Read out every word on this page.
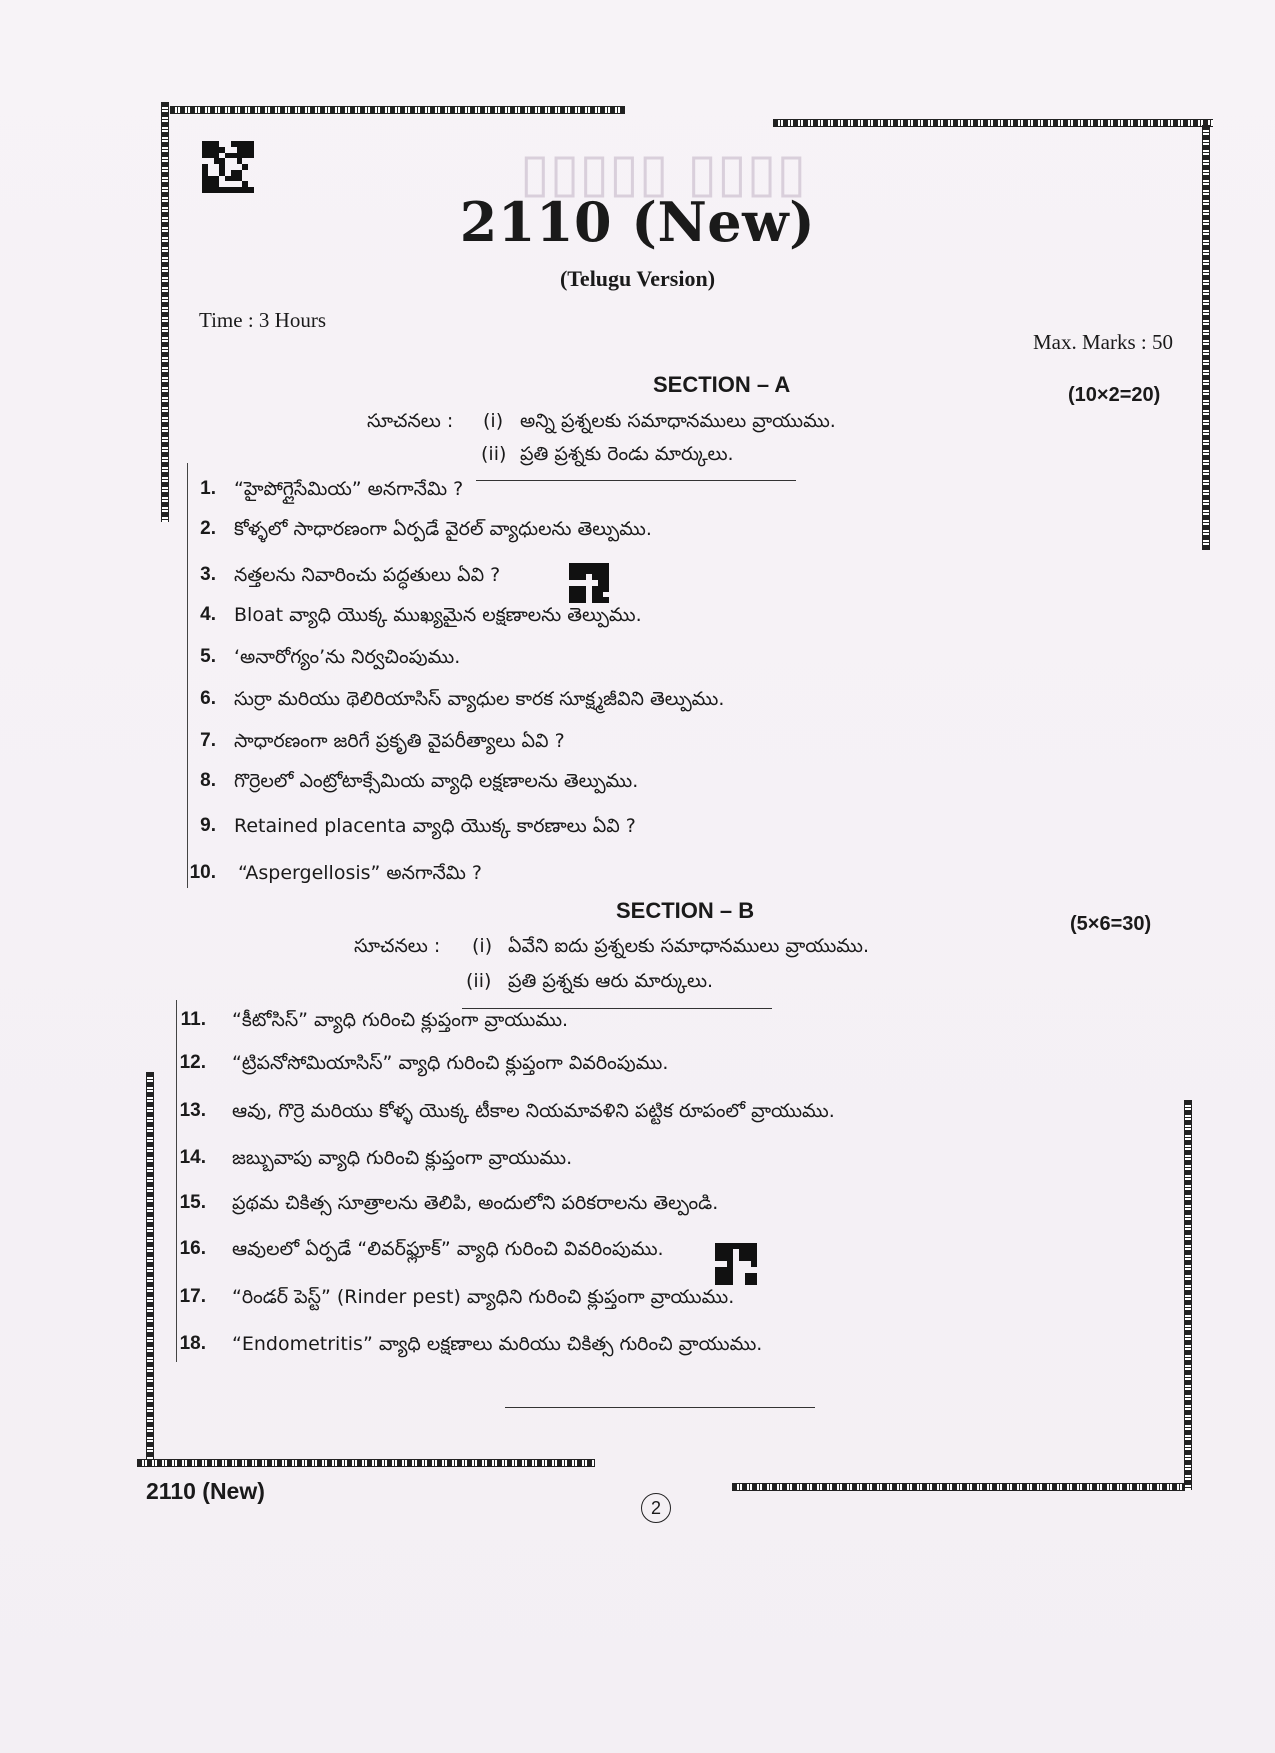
▯▯▯▯ ▯▯▯▯▯
2110 (New)
(Telugu Version)
Time : 3 Hours
Max. Marks : 50
SECTION – A	(10×2=20)
సూచనలు : (i) అన్ని ప్రశ్నలకు సమాధానములు వ్రాయుము.
(ii) ప్రతి ప్రశ్నకు రెండు మార్కులు.
1. “హైపోగ్లైసేమియ” అనగానేమి ?
2. కోళ్ళలో సాధారణంగా ఏర్పడే వైరల్ వ్యాధులను తెల్పుము.
3. నత్తలను నివారించు పద్ధతులు ఏవి ?
4. Bloat వ్యాధి యొక్క ముఖ్యమైన లక్షణాలను తెల్పుము.
5. ‘అనారోగ్యం’ను నిర్వచింపుము.
6. సుర్రా మరియు థెలిరియాసిస్ వ్యాధుల కారక సూక్ష్మజీవిని తెల్పుము.
7. సాధారణంగా జరిగే ప్రకృతి వైపరీత్యాలు ఏవి ?
8. గొర్రెలలో ఎంట్రోటాక్సేమియ వ్యాధి లక్షణాలను తెల్పుము.
9. Retained placenta వ్యాధి యొక్క కారణాలు ఏవి ?
10. “Aspergellosis” అనగానేమి ?
SECTION – B
(5×6=30)
సూచనలు : (i) ఏవేని ఐదు ప్రశ్నలకు సమాధానములు వ్రాయుము.
(ii) ప్రతి ప్రశ్నకు ఆరు మార్కులు.
11. “కీటోసిస్” వ్యాధి గురించి క్లుప్తంగా వ్రాయుము.
12. “ట్రిపనోసోమియాసిస్” వ్యాధి గురించి క్లుప్తంగా వివరింపుము.
13. ఆవు, గొర్రె మరియు కోళ్ళ యొక్క టీకాల నియమావళిని పట్టిక రూపంలో వ్రాయుము.
14. జబ్బువాపు వ్యాధి గురించి క్లుప్తంగా వ్రాయుము.
15. ప్రథమ చికిత్స సూత్రాలను తెలిపి, అందులోని పరికరాలను తెల్పండి.
16. ఆవులలో ఏర్పడే “లివర్‌ఫ్లూక్” వ్యాధి గురించి వివరింపుము.
17. “రిండర్ పెస్ట్” (Rinder pest) వ్యాధిని గురించి క్లుప్తంగా వ్రాయుము.
18. “Endometritis” వ్యాధి లక్షణాలు మరియు చికిత్స గురించి వ్రాయుము.
2110 (New)
2
